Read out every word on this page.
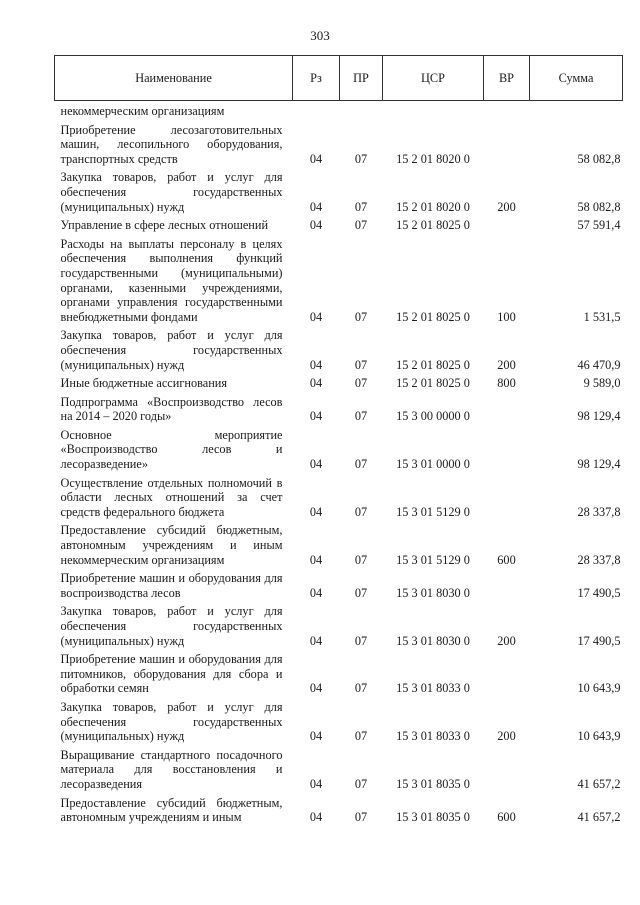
303
Наименование	Рз	ПР	ЦСР	ВР	Сумма
некоммерческим организациям					
Приобретение лесозаготовительных машин, лесопильного оборудования, транспортных средств	04	07	15 2 01 8020 0		58 082,8
Закупка товаров, работ и услуг для обеспечения государственных (муниципальных) нужд	04	07	15 2 01 8020 0	200	58 082,8
Управление в сфере лесных отношений	04	07	15 2 01 8025 0		57 591,4
Расходы на выплаты персоналу в целях обеспечения выполнения функций государственными (муниципальными) органами, казенными учреждениями, органами управления государственными внебюджетными фондами	04	07	15 2 01 8025 0	100	1 531,5
Закупка товаров, работ и услуг для обеспечения государственных (муниципальных) нужд	04	07	15 2 01 8025 0	200	46 470,9
Иные бюджетные ассигнования	04	07	15 2 01 8025 0	800	9 589,0
Подпрограмма «Воспроизводство лесов на 2014 – 2020 годы»	04	07	15 3 00 0000 0		98 129,4
Основное мероприятие «Воспроизводство лесов и лесоразведение»	04	07	15 3 01 0000 0		98 129,4
Осуществление отдельных полномочий в области лесных отношений за счет средств федерального бюджета	04	07	15 3 01 5129 0		28 337,8
Предоставление субсидий бюджетным, автономным учреждениям и иным некоммерческим организациям	04	07	15 3 01 5129 0	600	28 337,8
Приобретение машин и оборудования для воспроизводства лесов	04	07	15 3 01 8030 0		17 490,5
Закупка товаров, работ и услуг для обеспечения государственных (муниципальных) нужд	04	07	15 3 01 8030 0	200	17 490,5
Приобретение машин и оборудования для питомников, оборудования для сбора и обработки семян	04	07	15 3 01 8033 0		10 643,9
Закупка товаров, работ и услуг для обеспечения государственных (муниципальных) нужд	04	07	15 3 01 8033 0	200	10 643,9
Выращивание стандартного посадочного материала для восстановления и лесоразведения	04	07	15 3 01 8035 0		41 657,2
Предоставление субсидий бюджетным, автономным учреждениям и иным	04	07	15 3 01 8035 0	600	41 657,2
